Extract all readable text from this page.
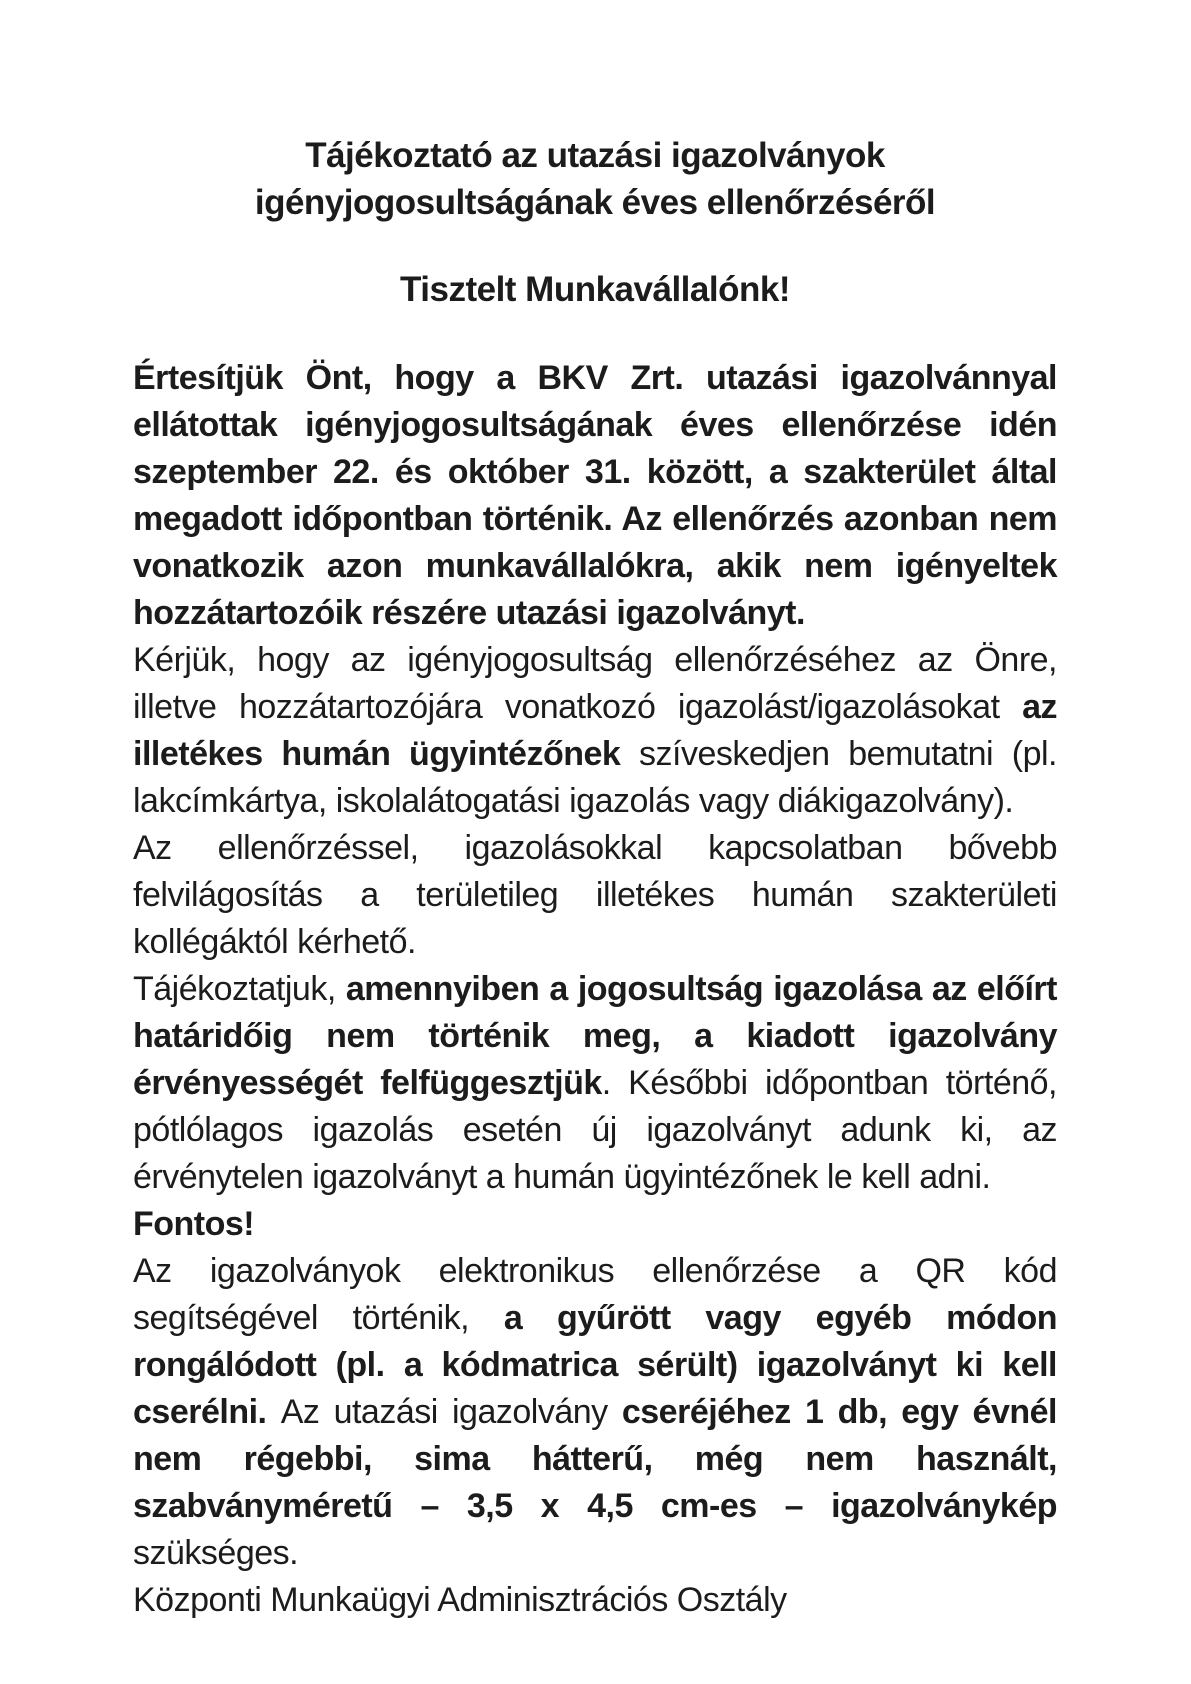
Tájékoztató az utazási igazolványok
igényjogosultságának éves ellenőrzéséről
Tisztelt Munkavállalónk!

Értesítjük Önt, hogy a BKV Zrt. utazási igazolvánnyal ellátottak igényjogosultságának éves ellenőrzése idén szeptember 22. és október 31. között, a szakterület által megadott időpontban történik. Az ellenőrzés azonban nem vonatkozik azon munkavállalókra, akik nem igényeltek hozzátartozóik részére utazási igazolványt.

Kérjük, hogy az igényjogosultság ellenőrzéséhez az Önre, illetve hozzátartozójára vonatkozó igazolást/igazolásokat az illetékes humán ügyintézőnek szíveskedjen bemutatni (pl. lakcímkártya, iskolalátogatási igazolás vagy diákigazolvány).

Az ellenőrzéssel, igazolásokkal kapcsolatban bővebb felvilágosítás a területileg illetékes humán szakterületi kollégáktól kérhető.

Tájékoztatjuk, amennyiben a jogosultság igazolása az előírt határidőig nem történik meg, a kiadott igazolvány érvényességét felfüggesztjük. Későbbi időpontban történő, pótlólagos igazolás esetén új igazolványt adunk ki, az érvénytelen igazolványt a humán ügyintézőnek le kell adni.

Fontos!

Az igazolványok elektronikus ellenőrzése a QR kód segítségével történik, a gyűrött vagy egyéb módon rongálódott (pl. a kódmatrica sérült) igazolványt ki kell cserélni. Az utazási igazolvány cseréjéhez 1 db, egy évnél nem régebbi, sima hátterű, még nem használt, szabványméretű – 3,5 x 4,5 cm-es – igazolványkép szükséges.

Központi Munkaügyi Adminisztrációs Osztály
